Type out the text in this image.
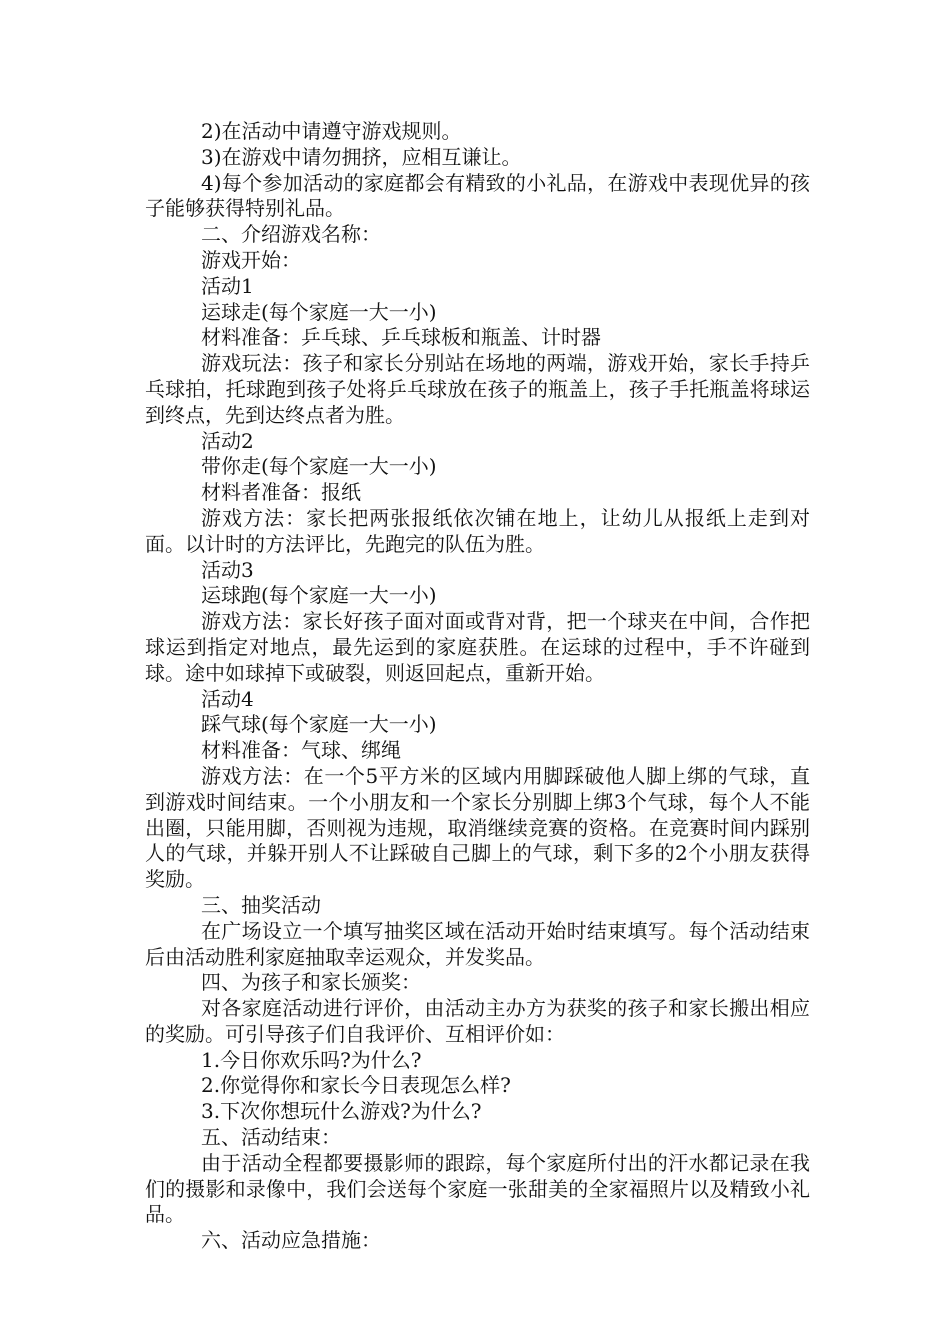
2)在活动中请遵守游戏规则。

3)在游戏中请勿拥挤，应相互谦让。

4)每个参加活动的家庭都会有精致的小礼品，在游戏中表现优异的孩子能够获得特别礼品。

二、介绍游戏名称：

游戏开始：

活动1

运球走(每个家庭一大一小)

材料准备：乒乓球、乒乓球板和瓶盖、计时器

游戏玩法：孩子和家长分别站在场地的两端，游戏开始，家长手持乒乓球拍，托球跑到孩子处将乒乓球放在孩子的瓶盖上，孩子手托瓶盖将球运到终点，先到达终点者为胜。

活动2

带你走(每个家庭一大一小)

材料者准备：报纸

游戏方法：家长把两张报纸依次铺在地上，让幼儿从报纸上走到对面。以计时的方法评比，先跑完的队伍为胜。

活动3

运球跑(每个家庭一大一小)

游戏方法：家长好孩子面对面或背对背，把一个球夹在中间，合作把球运到指定对地点，最先运到的家庭获胜。在运球的过程中，手不许碰到球。途中如球掉下或破裂，则返回起点，重新开始。

活动4

踩气球(每个家庭一大一小)

材料准备：气球、绑绳

游戏方法：在一个5平方米的区域内用脚踩破他人脚上绑的气球，直到游戏时间结束。一个小朋友和一个家长分别脚上绑3个气球，每个人不能出圈，只能用脚，否则视为违规，取消继续竞赛的资格。在竞赛时间内踩别人的气球，并躲开别人不让踩破自己脚上的气球，剩下多的2个小朋友获得奖励。

三、抽奖活动

在广场设立一个填写抽奖区域在活动开始时结束填写。每个活动结束后由活动胜利家庭抽取幸运观众，并发奖品。

四、为孩子和家长颁奖：

对各家庭活动进行评价，由活动主办方为获奖的孩子和家长搬出相应的奖励。可引导孩子们自我评价、互相评价如：

1.今日你欢乐吗?为什么?

2.你觉得你和家长今日表现怎么样?

3.下次你想玩什么游戏?为什么?

五、活动结束：

由于活动全程都要摄影师的跟踪，每个家庭所付出的汗水都记录在我们的摄影和录像中，我们会送每个家庭一张甜美的全家福照片以及精致小礼品。

六、活动应急措施：
